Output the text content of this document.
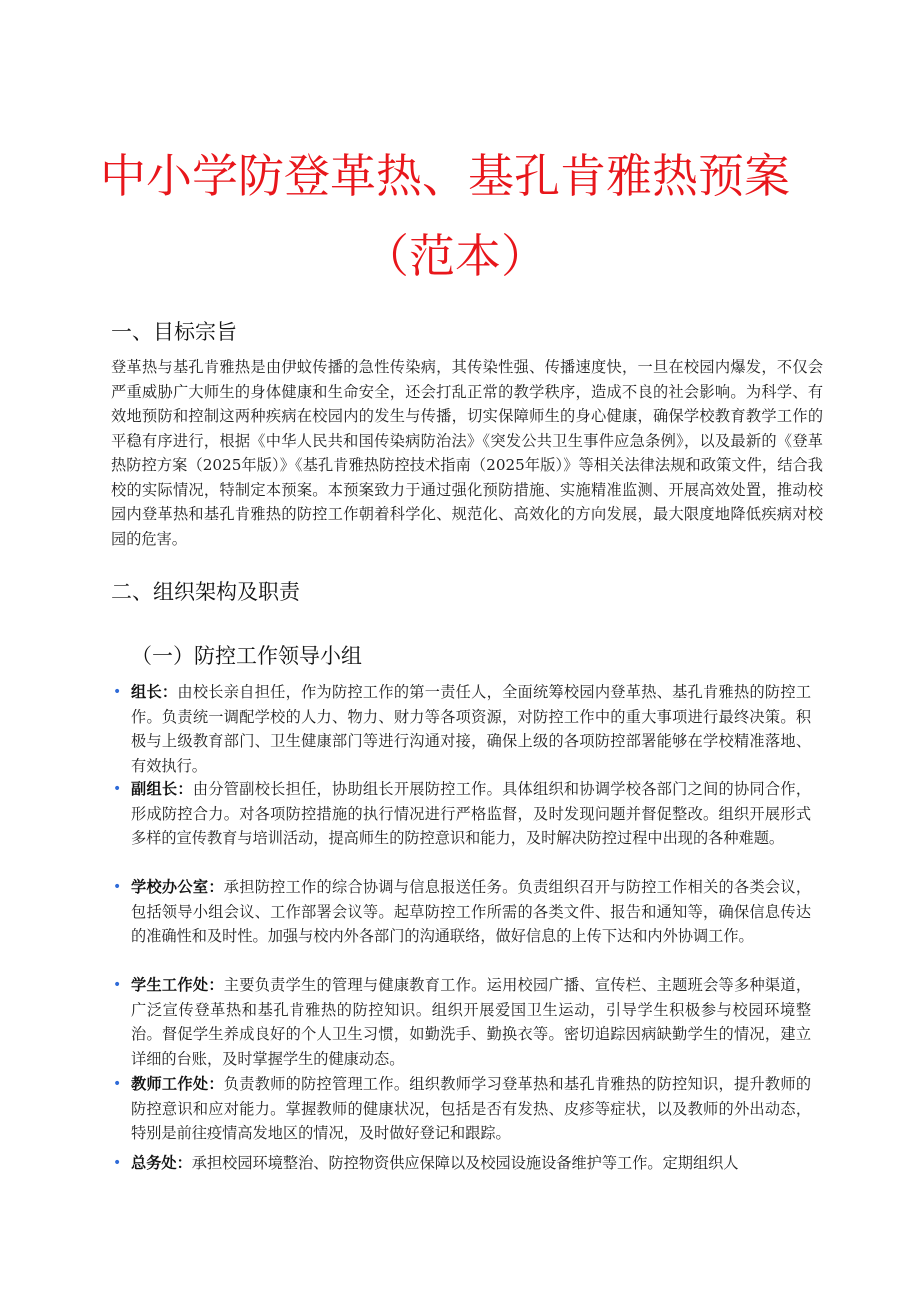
中小学防登革热、基孔肯雅热预案
（范本）
一、目标宗旨
登革热与基孔肯雅热是由伊蚊传播的急性传染病，其传染性强、传播速度快，一旦在校园内爆发，不仅会严重威胁广大师生的身体健康和生命安全，还会打乱正常的教学秩序，造成不良的社会影响。为科学、有效地预防和控制这两种疾病在校园内的发生与传播，切实保障师生的身心健康，确保学校教育教学工作的平稳有序进行，根据《中华人民共和国传染病防治法》《突发公共卫生事件应急条例》，以及最新的《登革热防控方案（2025年版）》《基孔肯雅热防控技术指南（2025年版）》等相关法律法规和政策文件，结合我校的实际情况，特制定本预案。本预案致力于通过强化预防措施、实施精准监测、开展高效处置，推动校园内登革热和基孔肯雅热的防控工作朝着科学化、规范化、高效化的方向发展，最大限度地降低疾病对校园的危害。
二、组织架构及职责
（一）防控工作领导小组
• 组长：由校长亲自担任，作为防控工作的第一责任人，全面统筹校园内登革热、基孔肯雅热的防控工作。负责统一调配学校的人力、物力、财力等各项资源，对防控工作中的重大事项进行最终决策。积极与上级教育部门、卫生健康部门等进行沟通对接，确保上级的各项防控部署能够在学校精准落地、有效执行。
• 副组长：由分管副校长担任，协助组长开展防控工作。具体组织和协调学校各部门之间的协同合作，形成防控合力。对各项防控措施的执行情况进行严格监督，及时发现问题并督促整改。组织开展形式多样的宣传教育与培训活动，提高师生的防控意识和能力，及时解决防控过程中出现的各种难题。
• 学校办公室：承担防控工作的综合协调与信息报送任务。负责组织召开与防控工作相关的各类会议，包括领导小组会议、工作部署会议等。起草防控工作所需的各类文件、报告和通知等，确保信息传达的准确性和及时性。加强与校内外各部门的沟通联络，做好信息的上传下达和内外协调工作。
• 学生工作处：主要负责学生的管理与健康教育工作。运用校园广播、宣传栏、主题班会等多种渠道，广泛宣传登革热和基孔肯雅热的防控知识。组织开展爱国卫生运动，引导学生积极参与校园环境整治。督促学生养成良好的个人卫生习惯，如勤洗手、勤换衣等。密切追踪因病缺勤学生的情况，建立详细的台账，及时掌握学生的健康动态。
• 教师工作处：负责教师的防控管理工作。组织教师学习登革热和基孔肯雅热的防控知识，提升教师的防控意识和应对能力。掌握教师的健康状况，包括是否有发热、皮疹等症状，以及教师的外出动态，特别是前往疫情高发地区的情况，及时做好登记和跟踪。
• 总务处：承担校园环境整治、防控物资供应保障以及校园设施设备维护等工作。定期组织人
